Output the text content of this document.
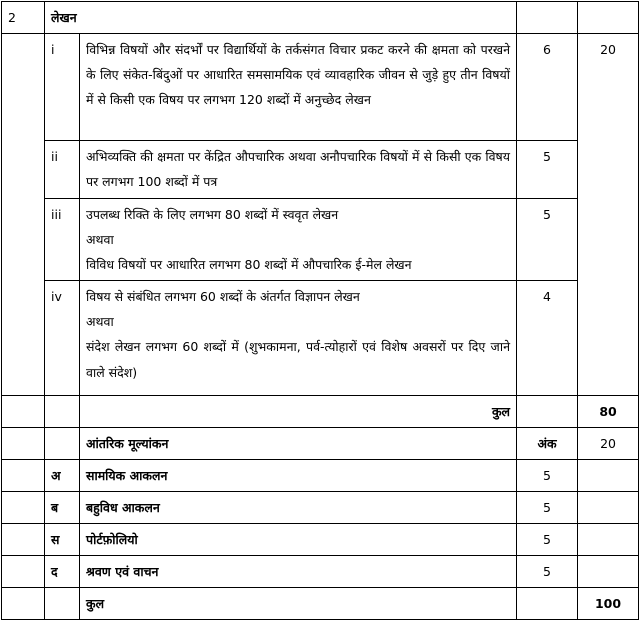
2	लेखन			
	i	विभिन्न विषयों और संदर्भों पर विद्यार्थियों के तर्कसंगत विचार प्रकट करने की क्षमता को परखने के लिए संकेत-बिंदुओं पर आधारित समसामयिक एवं व्यावहारिक जीवन से जुड़े हुए तीन विषयों में से किसी एक विषय पर लगभग 120 शब्दों में अनुच्छेद लेखन	6	20
	ii	अभिव्यक्ति की क्षमता पर केंद्रित औपचारिक अथवा अनौपचारिक विषयों में से किसी एक विषय पर लगभग 100 शब्दों में पत्र	5	
	iii	उपलब्ध रिक्ति के लिए लगभग 80 शब्दों में स्ववृत लेखन
अथवा
विविध विषयों पर आधारित लगभग 80 शब्दों में औपचारिक ई-मेल लेखन	5	
	iv	विषय से संबंधित लगभग 60 शब्दों के अंतर्गत विज्ञापन लेखन
अथवा
संदेश लेखन लगभग 60 शब्दों में (शुभकामना, पर्व-त्योहारों एवं विशेष अवसरों पर दिए जाने वाले संदेश)	4	
		कुल		80
		आंतरिक मूल्यांकन	अंक	20
	अ	सामयिक आकलन	5	
	ब	बहुविध आकलन	5	
	स	पोर्टफ़ोलियो	5	
	द	श्रवण एवं वाचन	5	
		कुल		100
